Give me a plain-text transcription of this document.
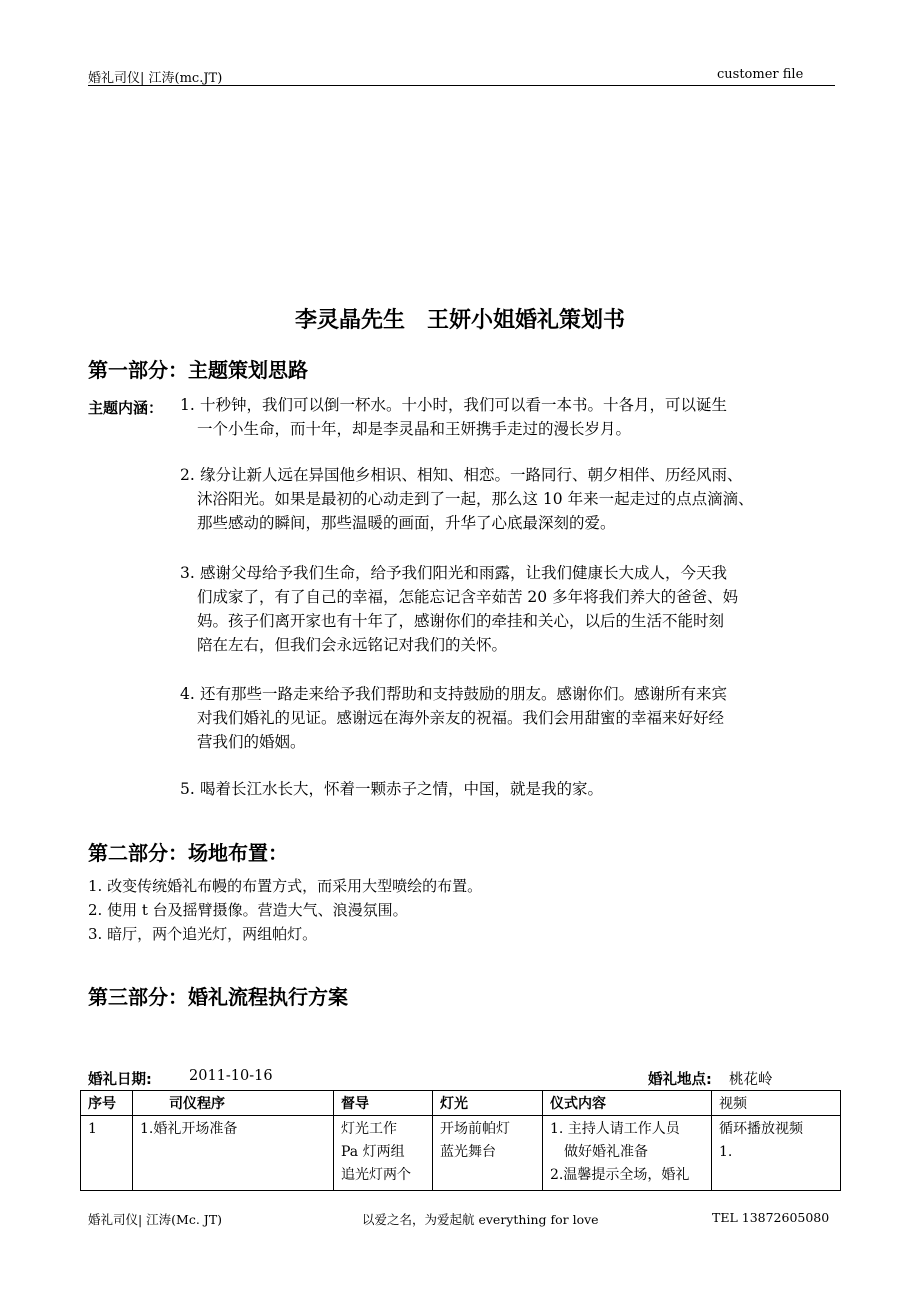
婚礼司仪| 江涛(mc.JT)	customer file
李灵晶先生　王妍小姐婚礼策划书
第一部分：主题策划思路
主题内涵： 1. 十秒钟，我们可以倒一杯水。十小时，我们可以看一本书。十各月，可以诞生
一个小生命，而十年，却是李灵晶和王妍携手走过的漫长岁月。
2. 缘分让新人远在异国他乡相识、相知、相恋。一路同行、朝夕相伴、历经风雨、
沐浴阳光。如果是最初的心动走到了一起，那么这 10 年来一起走过的点点滴滴、
那些感动的瞬间，那些温暖的画面，升华了心底最深刻的爱。
3. 感谢父母给予我们生命，给予我们阳光和雨露，让我们健康长大成人，今天我
们成家了，有了自己的幸福，怎能忘记含辛茹苦 20 多年将我们养大的爸爸、妈
妈。孩子们离开家也有十年了，感谢你们的牵挂和关心，以后的生活不能时刻
陪在左右，但我们会永远铭记对我们的关怀。
4. 还有那些一路走来给予我们帮助和支持鼓励的朋友。感谢你们。感谢所有来宾
对我们婚礼的见证。感谢远在海外亲友的祝福。我们会用甜蜜的幸福来好好经
营我们的婚姻。
5. 喝着长江水长大，怀着一颗赤子之情，中国，就是我的家。
第二部分：场地布置：
1. 改变传统婚礼布幔的布置方式，而采用大型喷绘的布置。
2. 使用 t 台及摇臂摄像。营造大气、浪漫氛围。
3. 暗厅，两个追光灯，两组帕灯。
第三部分：婚礼流程执行方案
婚礼日期:	2011-10-16	婚礼地点: 桃花岭
序号	司仪程序	督导	灯光	仪式内容	视频
1	1.婚礼开场准备	灯光工作
Pa 灯两组
追光灯两个	开场前帕灯
蓝光舞台	1. 主持人请工作人员
　做好婚礼准备
2.温馨提示全场，婚礼	循环播放视频
1.
婚礼司仪| 江涛(Mc. JT)	以爱之名，为爱起航 everything for love	TEL 13872605080
